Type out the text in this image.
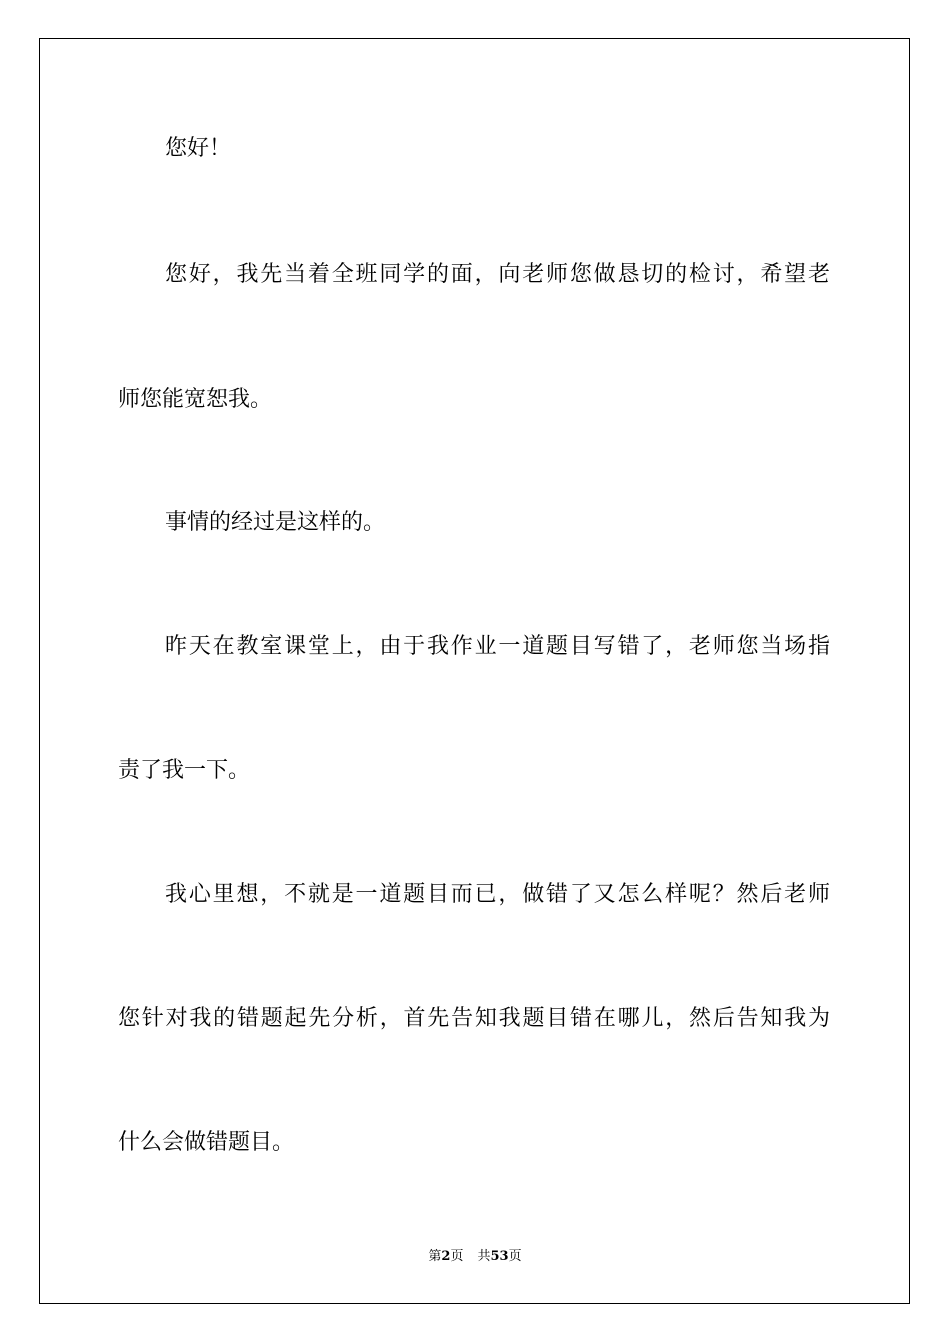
您好！
您好，我先当着全班同学的面，向老师您做恳切的检讨，希望老
师您能宽恕我。
事情的经过是这样的。
昨天在教室课堂上，由于我作业一道题目写错了，老师您当场指
责了我一下。
我心里想，不就是一道题目而已，做错了又怎么样呢？然后老师
您针对我的错题起先分析，首先告知我题目错在哪儿，然后告知我为
什么会做错题目。
第2页 共53页
